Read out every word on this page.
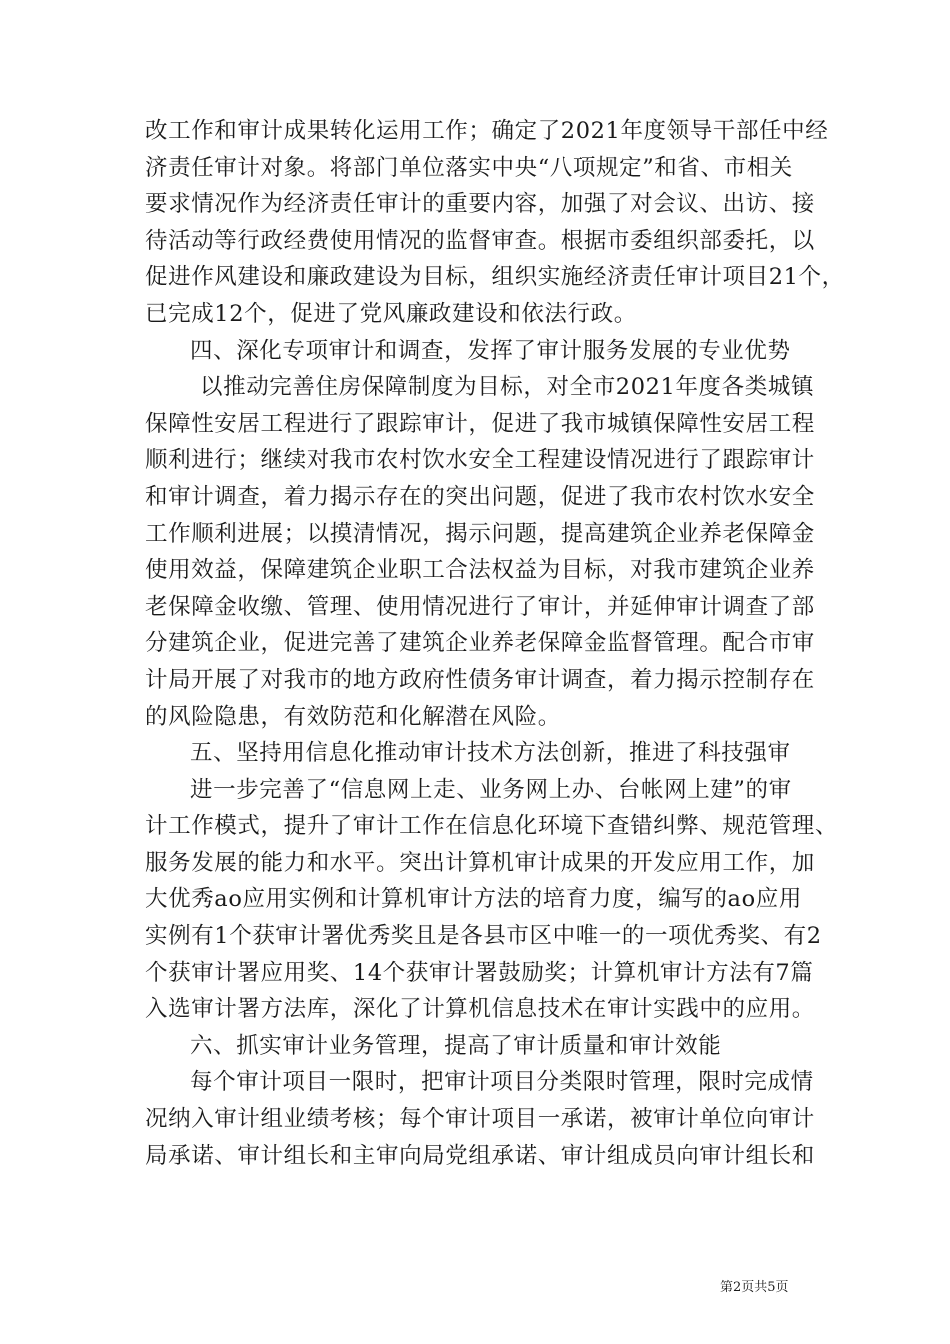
改工作和审计成果转化运用工作；确定了2021年度领导干部任中经
济责任审计对象。将部门单位落实中央“八项规定”和省、市相关
要求情况作为经济责任审计的重要内容，加强了对会议、出访、接
待活动等行政经费使用情况的监督审查。根据市委组织部委托，以
促进作风建设和廉政建设为目标，组织实施经济责任审计项目21个，
已完成12个，促进了党风廉政建设和依法行政。
四、深化专项审计和调查，发挥了审计服务发展的专业优势
以推动完善住房保障制度为目标，对全市2021年度各类城镇
保障性安居工程进行了跟踪审计，促进了我市城镇保障性安居工程
顺利进行；继续对我市农村饮水安全工程建设情况进行了跟踪审计
和审计调查，着力揭示存在的突出问题，促进了我市农村饮水安全
工作顺利进展；以摸清情况，揭示问题，提高建筑企业养老保障金
使用效益，保障建筑企业职工合法权益为目标，对我市建筑企业养
老保障金收缴、管理、使用情况进行了审计，并延伸审计调查了部
分建筑企业，促进完善了建筑企业养老保障金监督管理。配合市审
计局开展了对我市的地方政府性债务审计调查，着力揭示控制存在
的风险隐患，有效防范和化解潜在风险。
五、坚持用信息化推动审计技术方法创新，推进了科技强审
进一步完善了“信息网上走、业务网上办、台帐网上建”的审
计工作模式，提升了审计工作在信息化环境下查错纠弊、规范管理、
服务发展的能力和水平。突出计算机审计成果的开发应用工作，加
大优秀ao应用实例和计算机审计方法的培育力度，编写的ao应用
实例有1个获审计署优秀奖且是各县市区中唯一的一项优秀奖、有2
个获审计署应用奖、14个获审计署鼓励奖；计算机审计方法有7篇
入选审计署方法库，深化了计算机信息技术在审计实践中的应用。
六、抓实审计业务管理，提高了审计质量和审计效能
每个审计项目一限时，把审计项目分类限时管理，限时完成情
况纳入审计组业绩考核；每个审计项目一承诺，被审计单位向审计
局承诺、审计组长和主审向局党组承诺、审计组成员向审计组长和
第2页共5页
